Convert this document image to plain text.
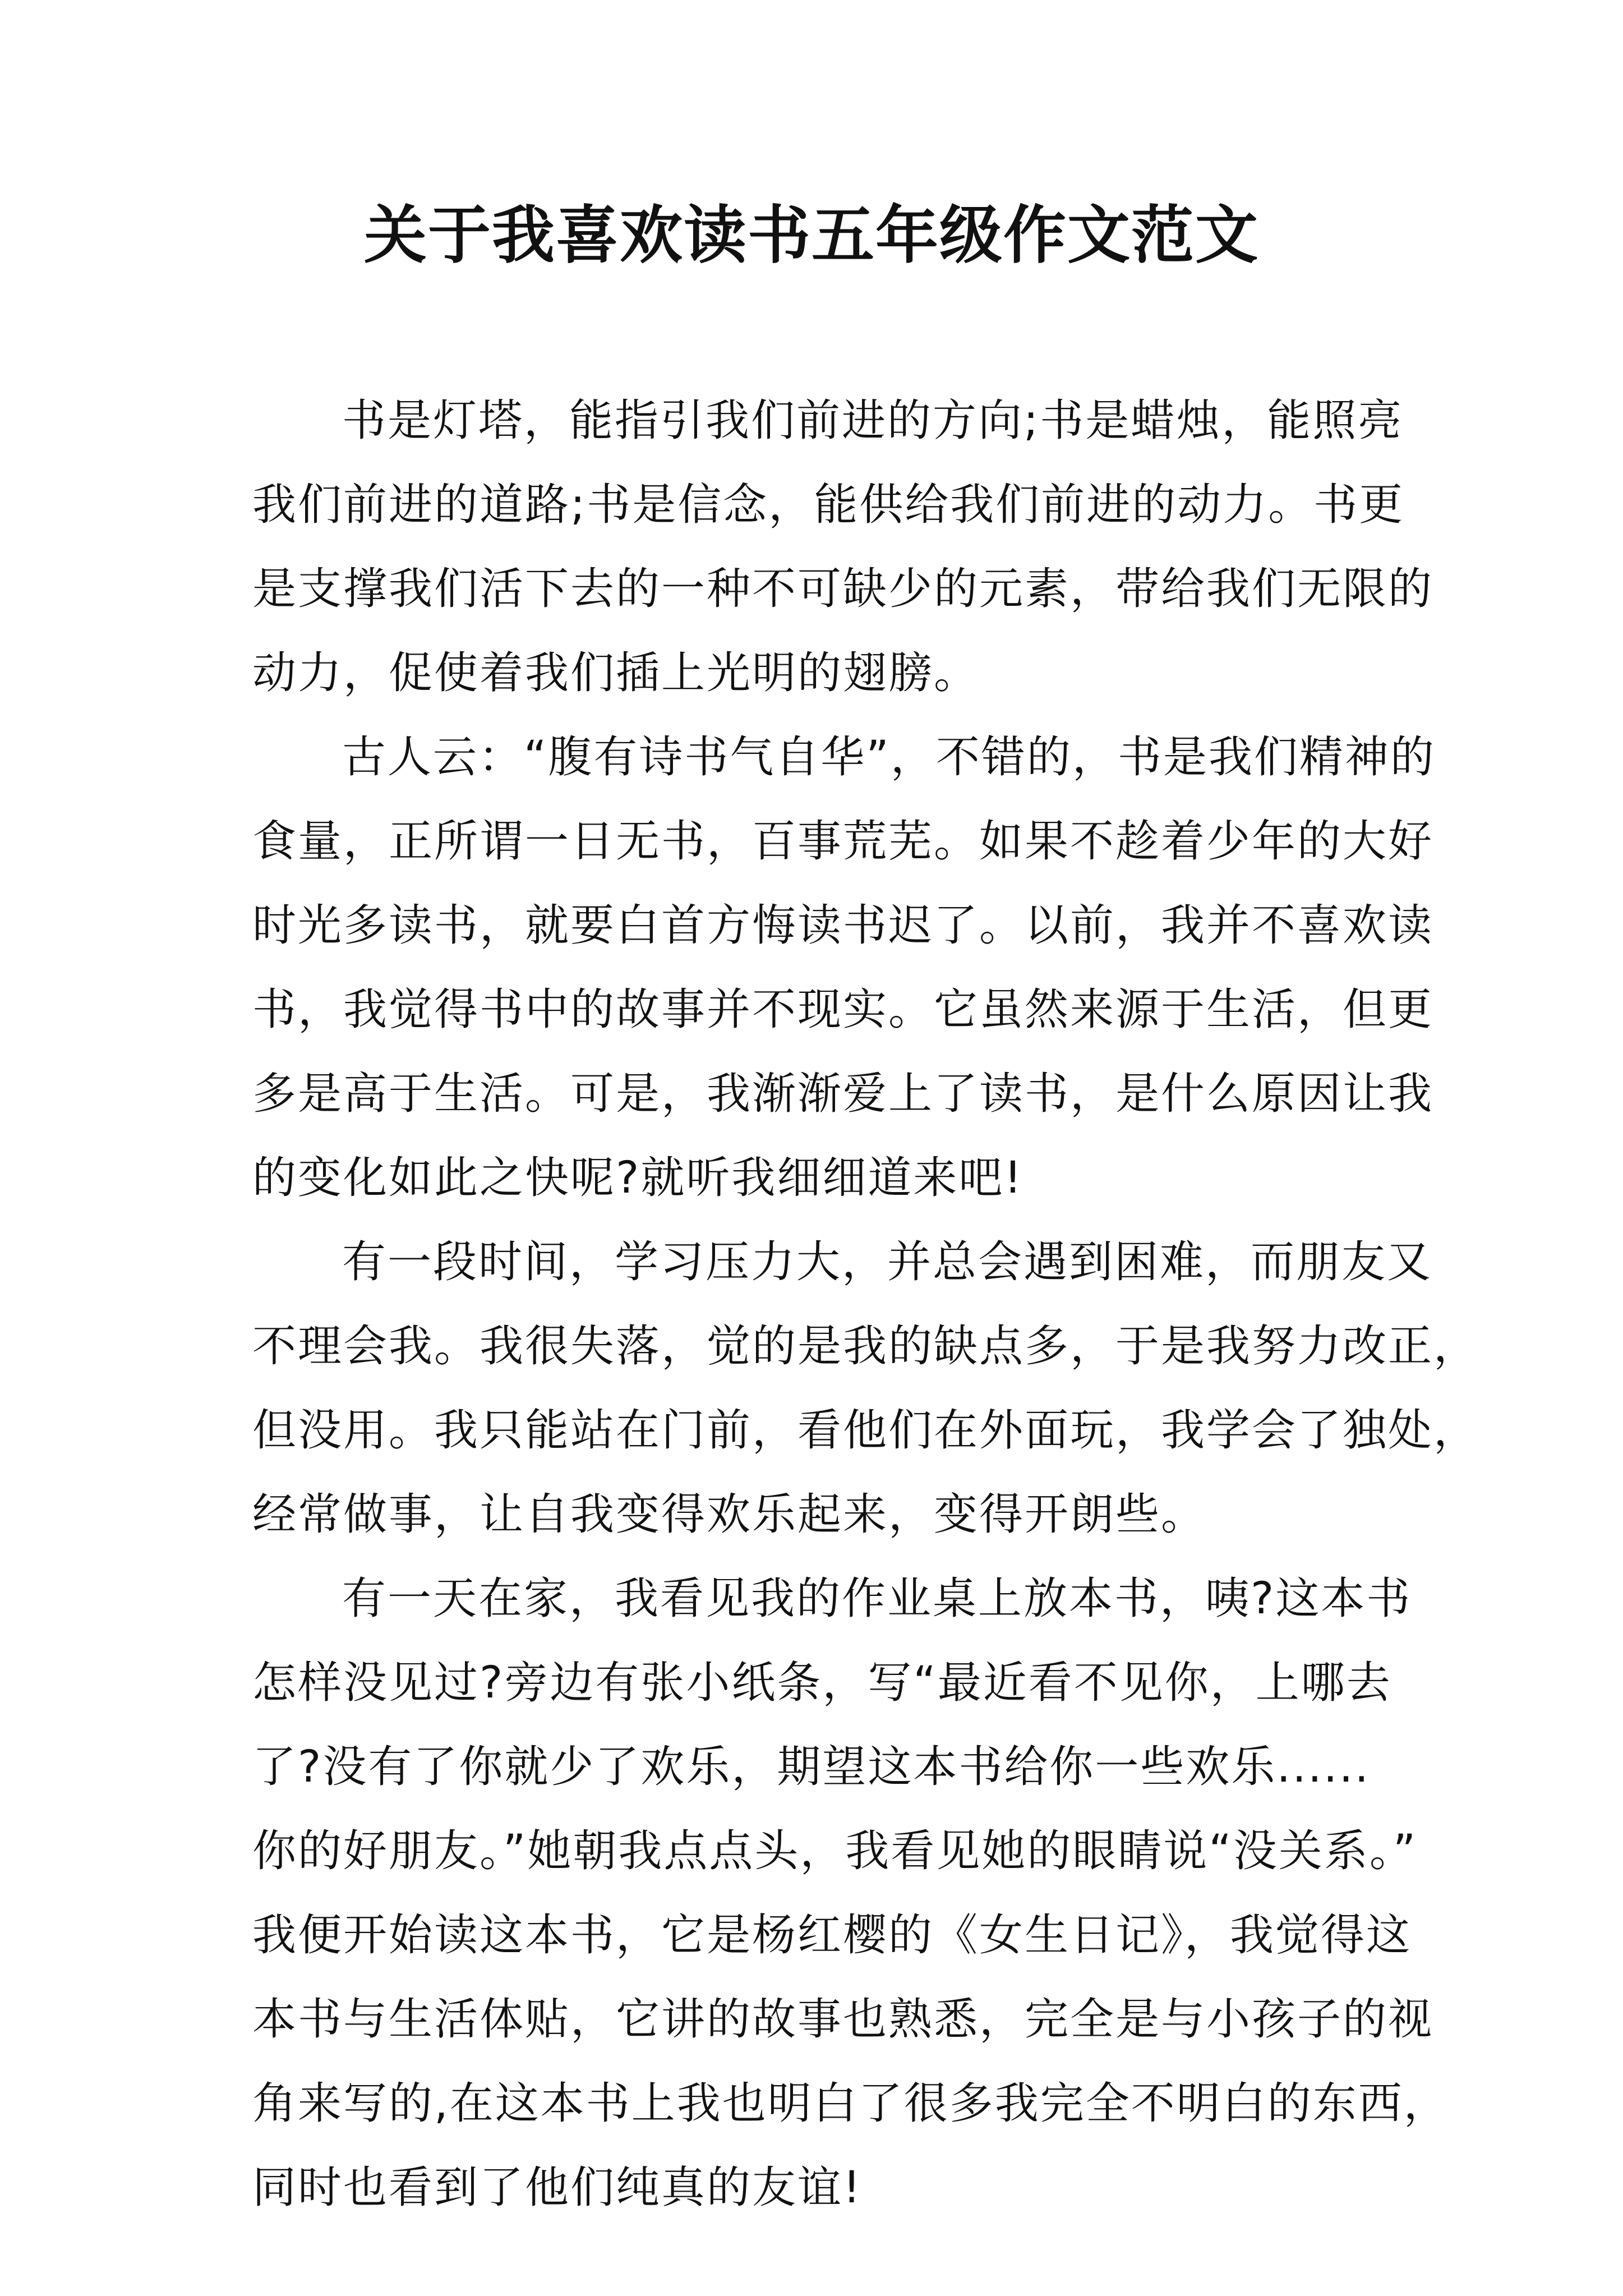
关于我喜欢读书五年级作文范文

书是灯塔，能指引我们前进的方向;书是蜡烛，能照亮
我们前进的道路;书是信念，能供给我们前进的动力。书更
是支撑我们活下去的一种不可缺少的元素，带给我们无限的
动力，促使着我们插上光明的翅膀。

古人云：“腹有诗书气自华”，不错的，书是我们精神的
食量，正所谓一日无书，百事荒芜。如果不趁着少年的大好
时光多读书，就要白首方悔读书迟了。以前，我并不喜欢读
书，我觉得书中的故事并不现实。它虽然来源于生活，但更
多是高于生活。可是，我渐渐爱上了读书，是什么原因让我
的变化如此之快呢?就听我细细道来吧!

有一段时间，学习压力大，并总会遇到困难，而朋友又
不理会我。我很失落，觉的是我的缺点多，于是我努力改正，
但没用。我只能站在门前，看他们在外面玩，我学会了独处，
经常做事，让自我变得欢乐起来，变得开朗些。

有一天在家，我看见我的作业桌上放本书，咦?这本书
怎样没见过?旁边有张小纸条，写“最近看不见你，上哪去
了?没有了你就少了欢乐，期望这本书给你一些欢乐......
你的好朋友。”她朝我点点头，我看见她的眼睛说“没关系。”
我便开始读这本书，它是杨红樱的《女生日记》，我觉得这
本书与生活体贴，它讲的故事也熟悉，完全是与小孩子的视
角来写的,在这本书上我也明白了很多我完全不明白的东西，
同时也看到了他们纯真的友谊!
